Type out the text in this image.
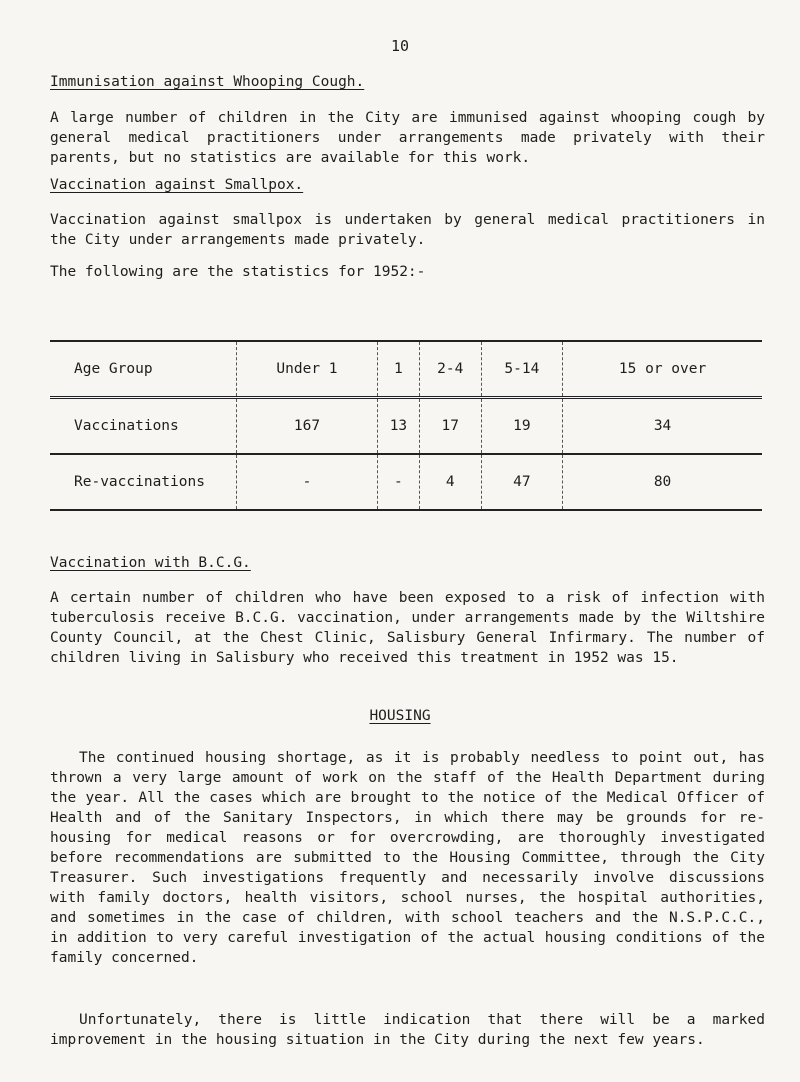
10
Immunisation against Whooping Cough.

A large number of children in the City are immunised against whooping cough by general medical practitioners under arrangements made privately with their parents, but no statistics are available for this work.

Vaccination against Smallpox.

Vaccination against smallpox is undertaken by general medical practitioners in the City under arrangements made privately.

The following are the statistics for 1952:-

Age Group	Under 1	1	2-4	5-14	15 or over
Vaccinations	167	13	17	19	34
Re-vaccinations	-	-	4	47	80
Vaccination with B.C.G.

A certain number of children who have been exposed to a risk of infection with tuberculosis receive B.C.G. vaccination, under arrangements made by the Wiltshire County Council, at the Chest Clinic, Salisbury General Infirmary. The number of children living in Salisbury who received this treatment in 1952 was 15.

HOUSING

The continued housing shortage, as it is probably needless to point out, has thrown a very large amount of work on the staff of the Health Department during the year. All the cases which are brought to the notice of the Medical Officer of Health and of the Sanitary Inspectors, in which there may be grounds for re-housing for medical reasons or for overcrowding, are thoroughly investigated before recommendations are submitted to the Housing Committee, through the City Treasurer. Such investigations frequently and necessarily involve discussions with family doctors, health visitors, school nurses, the hospital authorities, and sometimes in the case of children, with school teachers and the N.S.P.C.C., in addition to very careful investigation of the actual housing conditions of the family concerned.

Unfortunately, there is little indication that there will be a marked improvement in the housing situation in the City during the next few years.
